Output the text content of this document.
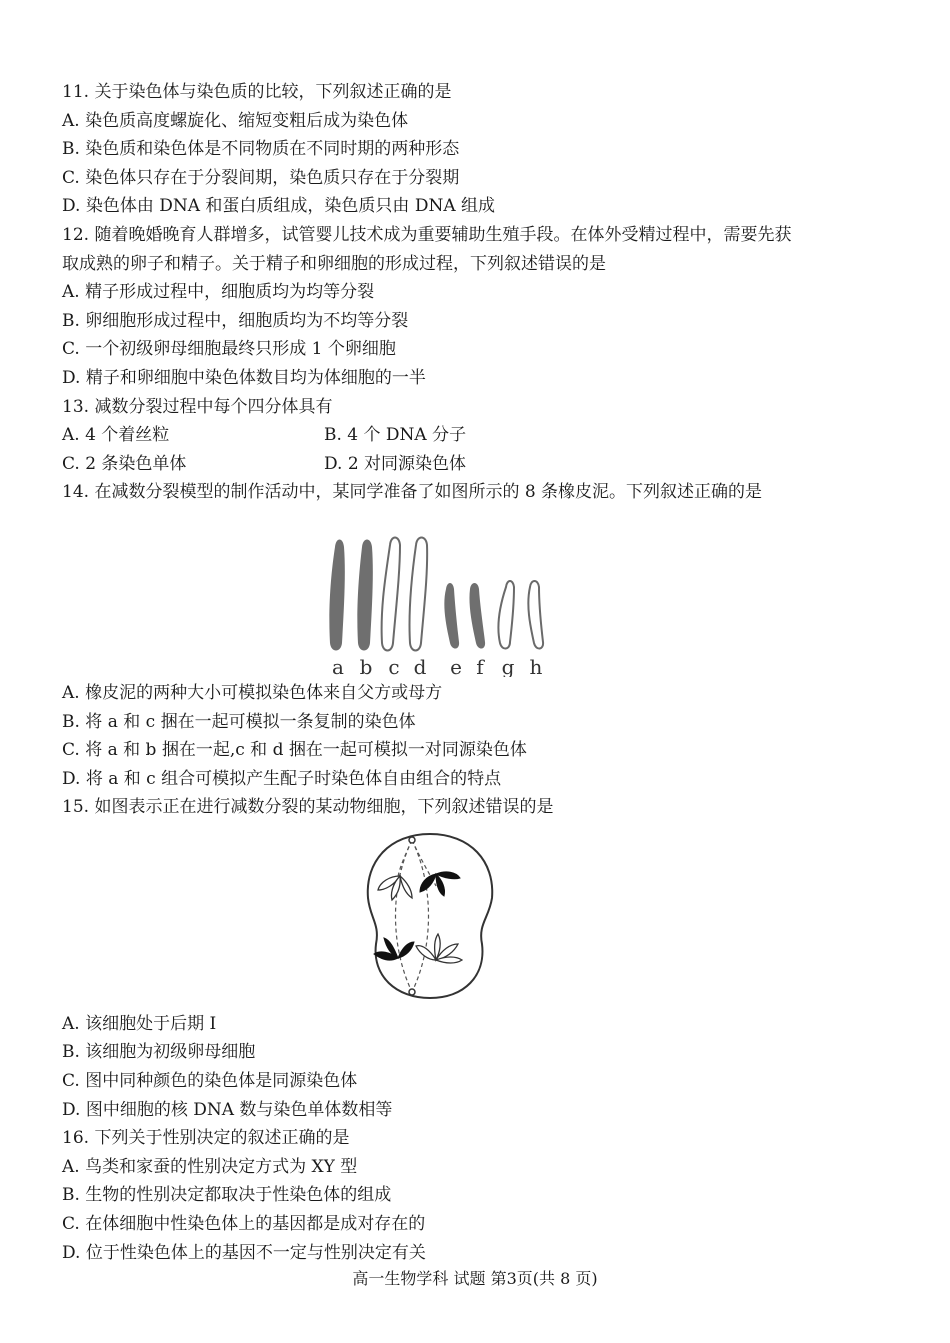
11. 关于染色体与染色质的比较，下列叙述正确的是
A. 染色质高度螺旋化、缩短变粗后成为染色体
B. 染色质和染色体是不同物质在不同时期的两种形态
C. 染色体只存在于分裂间期，染色质只存在于分裂期
D. 染色体由 DNA 和蛋白质组成，染色质只由 DNA 组成
12. 随着晚婚晚育人群增多，试管婴儿技术成为重要辅助生殖手段。在体外受精过程中，需要先获
取成熟的卵子和精子。关于精子和卵细胞的形成过程，下列叙述错误的是
A. 精子形成过程中，细胞质均为均等分裂
B. 卵细胞形成过程中，细胞质均为不均等分裂
C. 一个初级卵母细胞最终只形成 1 个卵细胞
D. 精子和卵细胞中染色体数目均为体细胞的一半
13. 减数分裂过程中每个四分体具有
A. 4 个着丝粒	B. 4 个 DNA 分子
C. 2 条染色单体	D. 2 对同源染色体
14. 在减数分裂模型的制作活动中，某同学准备了如图所示的 8 条橡皮泥。下列叙述正确的是
a b c d e f g h
A. 橡皮泥的两种大小可模拟染色体来自父方或母方
B. 将 a 和 c 捆在一起可模拟一条复制的染色体
C. 将 a 和 b 捆在一起,c 和 d 捆在一起可模拟一对同源染色体
D. 将 a 和 c 组合可模拟产生配子时染色体自由组合的特点
15. 如图表示正在进行减数分裂的某动物细胞，下列叙述错误的是
A. 该细胞处于后期 I
B. 该细胞为初级卵母细胞
C. 图中同种颜色的染色体是同源染色体
D. 图中细胞的核 DNA 数与染色单体数相等
16. 下列关于性别决定的叙述正确的是
A. 鸟类和家蚕的性别决定方式为 XY 型
B. 生物的性别决定都取决于性染色体的组成
C. 在体细胞中性染色体上的基因都是成对存在的
D. 位于性染色体上的基因不一定与性别决定有关
高一生物学科 试题 第3页(共 8 页)
